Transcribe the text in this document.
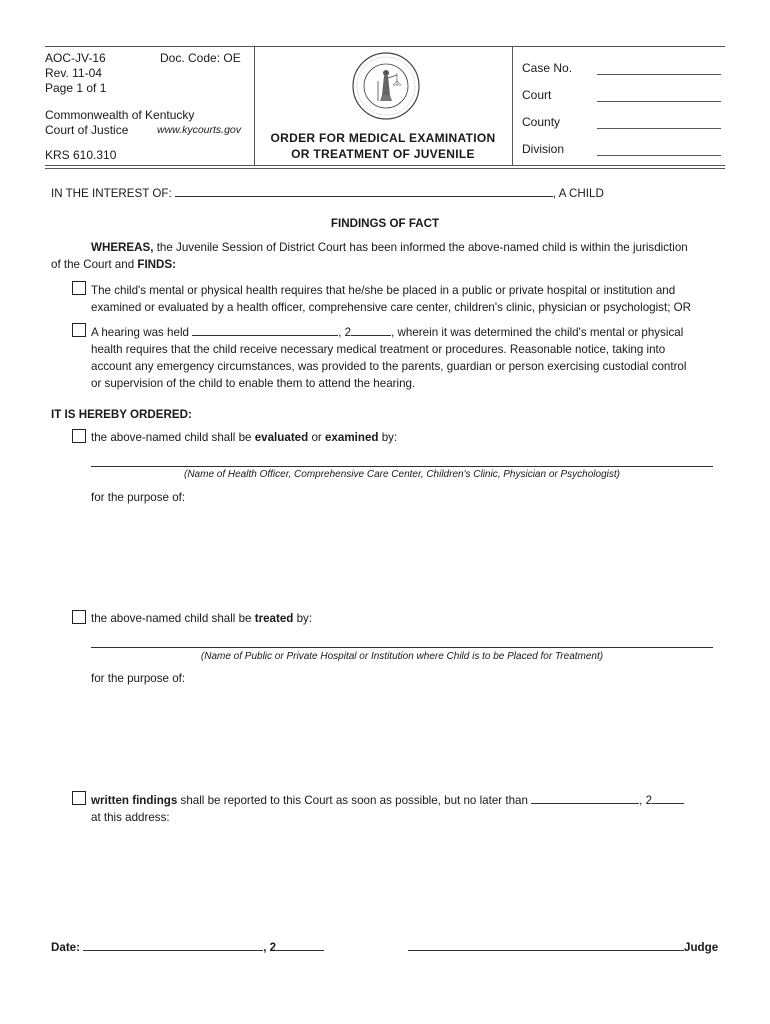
AOC-JV-16	Doc. Code: OE
Rev. 11-04
Page 1 of 1
Commonwealth of Kentucky
Court of Justice	www.kycourts.gov
KRS 610.310
ORDER FOR MEDICAL EXAMINATION
OR TREATMENT OF JUVENILE
Case No.
Court
County
Division
IN THE INTEREST OF:	, A CHILD
FINDINGS OF FACT
WHEREAS, the Juvenile Session of District Court has been informed the above-named child is within the jurisdiction
of the Court and FINDS:
The child's mental or physical health requires that he/she be placed in a public or private hospital or institution and
examined or evaluated by a health officer, comprehensive care center, children's clinic, physician or psychologist; OR
A hearing was held	, 2	, wherein it was determined the child's mental or physical
health requires that the child receive necessary medical treatment or procedures. Reasonable notice, taking into
account any emergency circumstances, was provided to the parents, guardian or person exercising custodial control
or supervision of the child to enable them to attend the hearing.
IT IS HEREBY ORDERED:
the above-named child shall be evaluated or examined by:
(Name of Health Officer, Comprehensive Care Center, Children's Clinic, Physician or Psychologist)
for the purpose of:
the above-named child shall be treated by:
(Name of Public or Private Hospital or Institution where Child is to be Placed for Treatment)
for the purpose of:
written findings shall be reported to this Court as soon as possible, but no later than	, 2
at this address:
Date:	, 2	Judge
